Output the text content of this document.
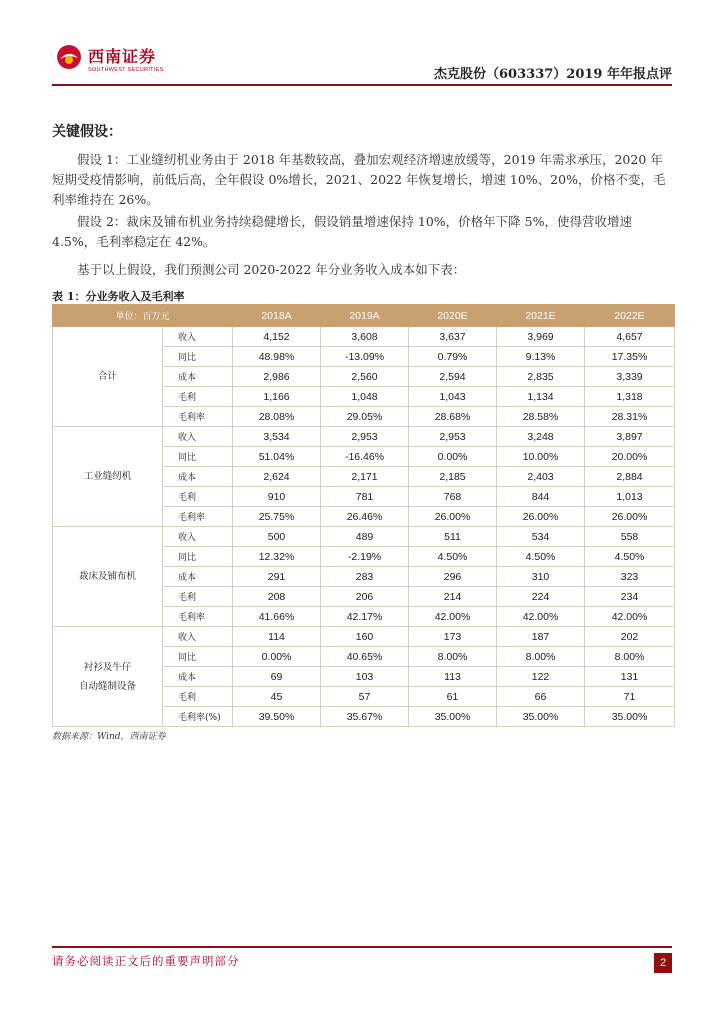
西南证券
SOUTHWEST SECURITIES	杰克股份（603337）2019 年年报点评
关键假设：

假设 1：工业缝纫机业务由于 2018 年基数较高，叠加宏观经济增速放缓等，2019 年需求承压，2020 年短期受疫情影响，前低后高，全年假设 0%增长，2021、2022 年恢复增长，增速 10%、20%，价格不变，毛利率维持在 26%。

假设 2：裁床及铺布机业务持续稳健增长，假设销量增速保持 10%，价格年下降 5%，使得营收增速 4.5%，毛利率稳定在 42%。

基于以上假设，我们预测公司 2020-2022 年分业务收入成本如下表：

表 1：分业务收入及毛利率
单位：百万元		2018A	2019A	2020E	2021E	2022E
合计	收入	4,152	3,608	3,637	3,969	4,657
	同比	48.98%	-13.09%	0.79%	9.13%	17.35%
	成本	2,986	2,560	2,594	2,835	3,339
	毛利	1,166	1,048	1,043	1,134	1,318
	毛利率	28.08%	29.05%	28.68%	28.58%	28.31%
工业缝纫机	收入	3,534	2,953	2,953	3,248	3,897
	同比	51.04%	-16.46%	0.00%	10.00%	20.00%
	成本	2,624	2,171	2,185	2,403	2,884
	毛利	910	781	768	844	1,013
	毛利率	25.75%	26.46%	26.00%	26.00%	26.00%
裁床及铺布机	收入	500	489	511	534	558
	同比	12.32%	-2.19%	4.50%	4.50%	4.50%
	成本	291	283	296	310	323
	毛利	208	206	214	224	234
	毛利率	41.66%	42.17%	42.00%	42.00%	42.00%
衬衫及牛仔
自动缝制设备	收入	114	160	173	187	202
	同比	0.00%	40.65%	8.00%	8.00%	8.00%
	成本	69	103	113	122	131
	毛利	45	57	61	66	71
	毛利率(%)	39.50%	35.67%	35.00%	35.00%	35.00%
数据来源：Wind，西南证券
请务必阅读正文后的重要声明部分	2
